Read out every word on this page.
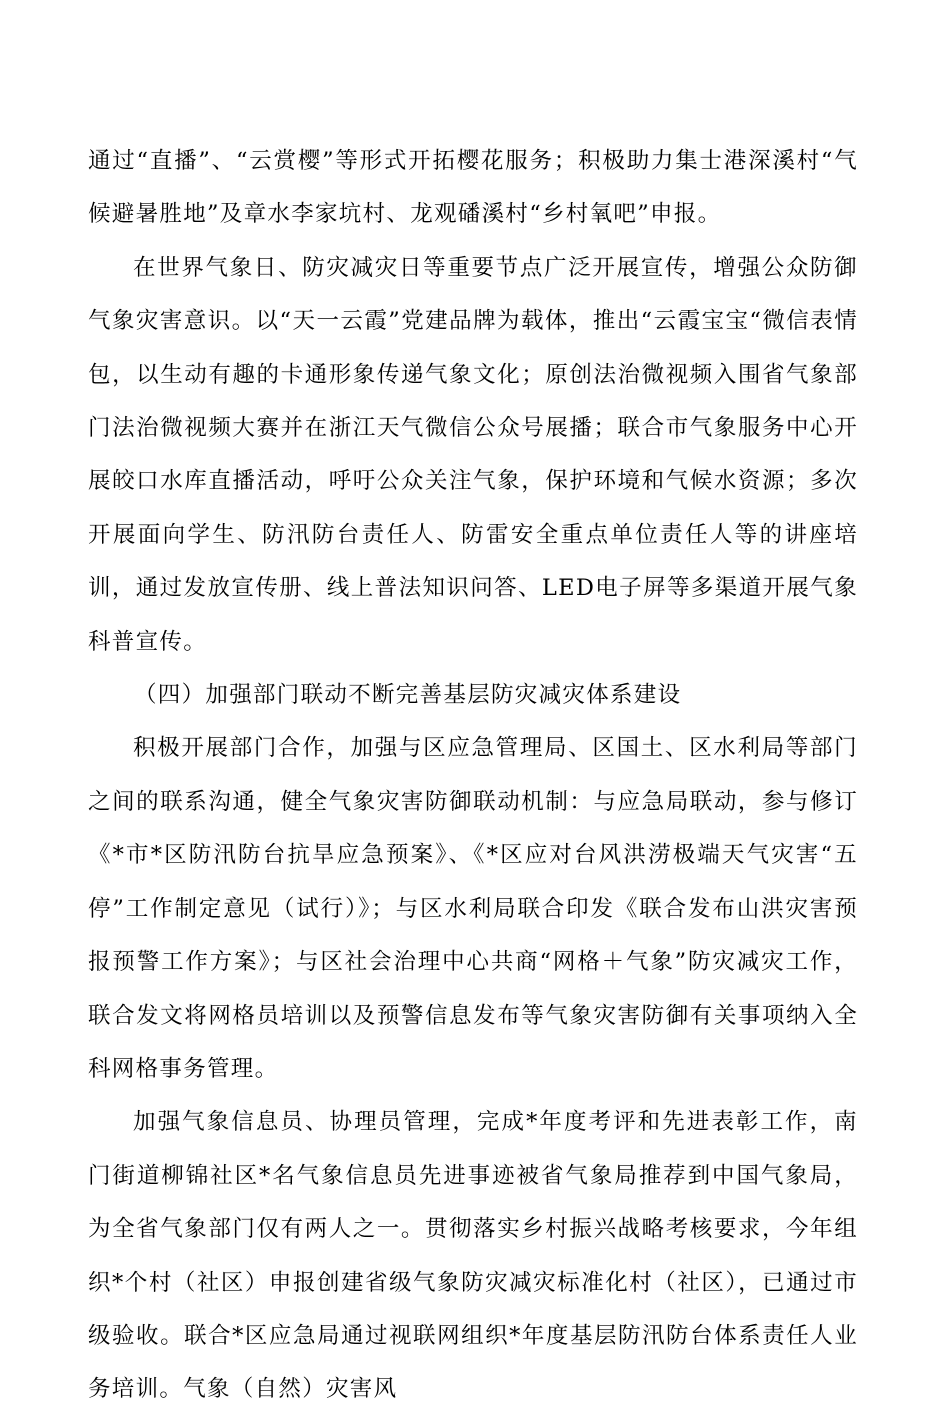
通过“直播”、“云赏樱”等形式开拓樱花服务；积极助力集士港深溪村“气候避暑胜地”及章水李家坑村、龙观磻溪村“乡村氧吧”申报。

在世界气象日、防灾减灾日等重要节点广泛开展宣传，增强公众防御气象灾害意识。以“天一云霞”党建品牌为载体，推出“云霞宝宝“微信表情包，以生动有趣的卡通形象传递气象文化；原创法治微视频入围省气象部门法治微视频大赛并在浙江天气微信公众号展播；联合市气象服务中心开展皎口水库直播活动，呼吁公众关注气象，保护环境和气候水资源；多次开展面向学生、防汛防台责任人、防雷安全重点单位责任人等的讲座培训，通过发放宣传册、线上普法知识问答、LED电子屏等多渠道开展气象科普宣传。

（四）加强部门联动不断完善基层防灾减灾体系建设

积极开展部门合作，加强与区应急管理局、区国土、区水利局等部门之间的联系沟通，健全气象灾害防御联动机制：与应急局联动，参与修订《*市*区防汛防台抗旱应急预案》、《*区应对台风洪涝极端天气灾害“五停”工作制定意见（试行）》；与区水利局联合印发《联合发布山洪灾害预报预警工作方案》；与区社会治理中心共商“网格＋气象”防灾减灾工作，联合发文将网格员培训以及预警信息发布等气象灾害防御有关事项纳入全科网格事务管理。

加强气象信息员、协理员管理，完成*年度考评和先进表彰工作，南门街道柳锦社区*名气象信息员先进事迹被省气象局推荐到中国气象局，为全省气象部门仅有两人之一。贯彻落实乡村振兴战略考核要求，今年组织*个村（社区）申报创建省级气象防灾减灾标准化村（社区），已通过市级验收。联合*区应急局通过视联网组织*年度基层防汛防台体系责任人业务培训。气象（自然）灾害风
